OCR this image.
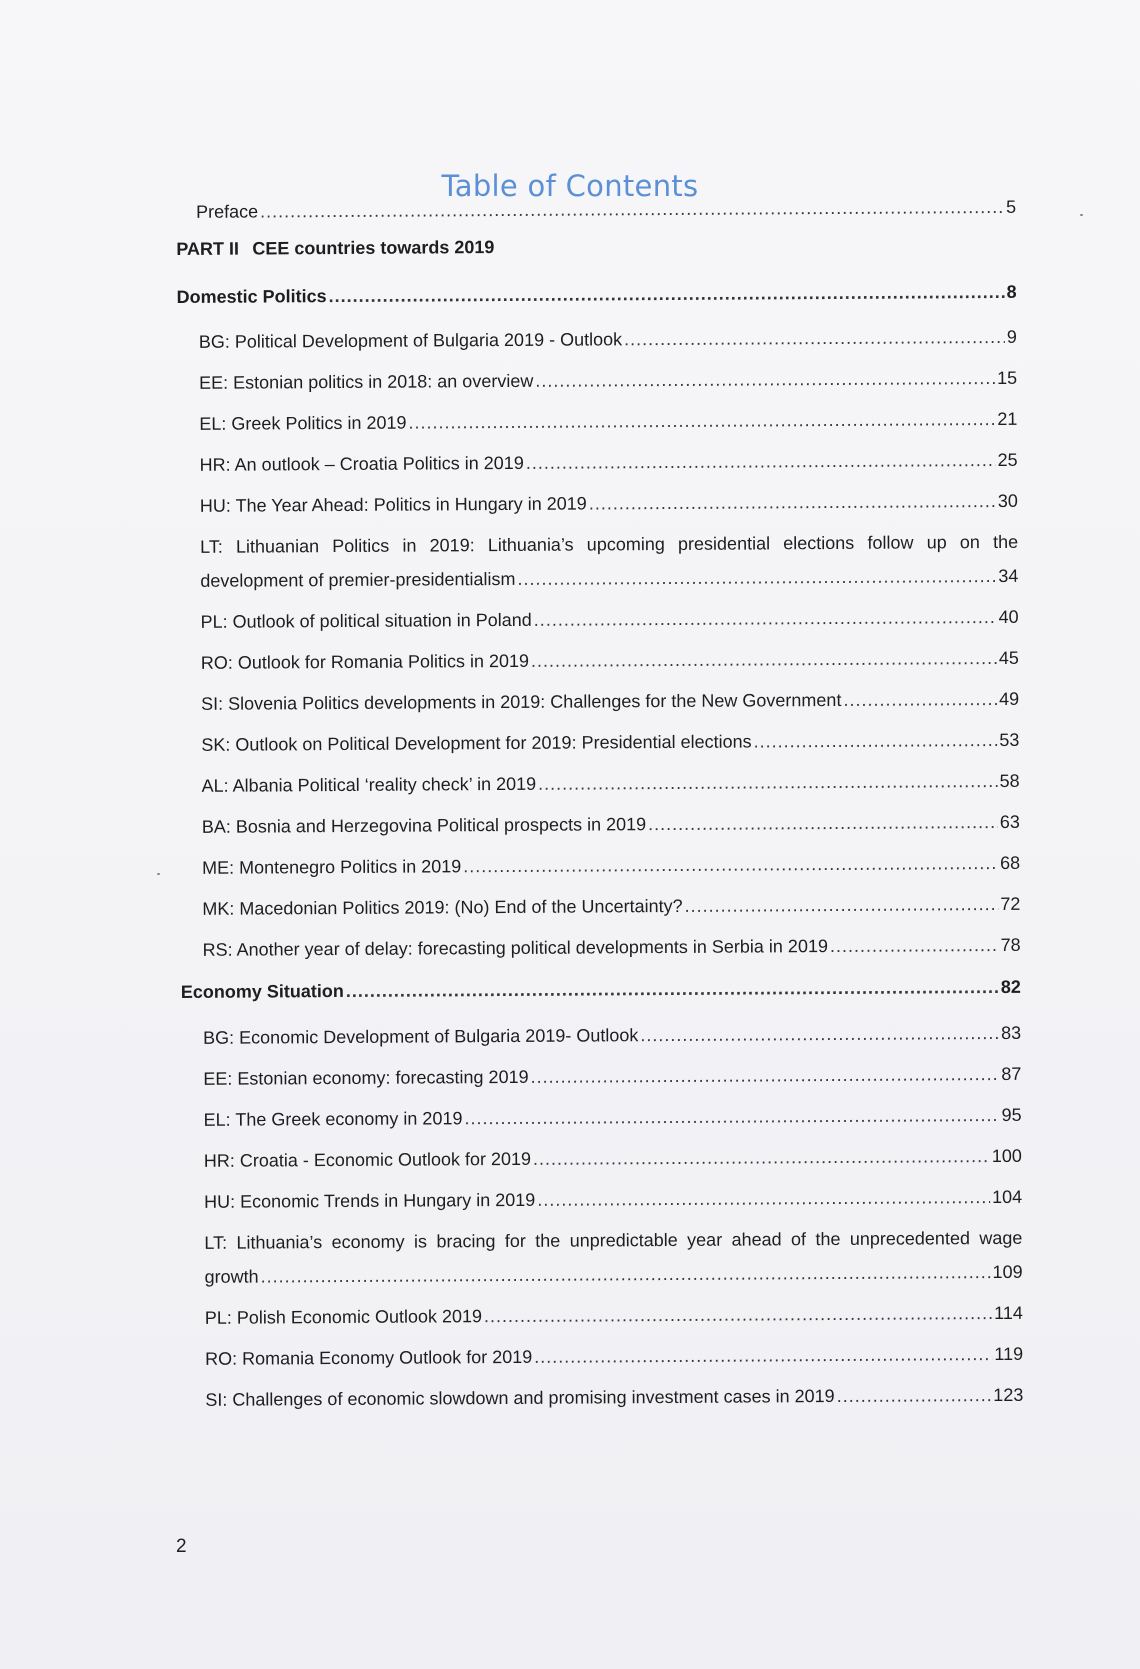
Table of Contents
Preface .....	5
PART II CEE countries towards 2019
Domestic Politics .....	8
BG: Political Development of Bulgaria 2019 - Outlook .....	9
EE: Estonian politics in 2018: an overview .....	15
EL: Greek Politics in 2019 .....	21
HR: An outlook – Croatia Politics in 2019 .....	25
HU: The Year Ahead: Politics in Hungary in 2019 .....	30
LT: Lithuanian Politics in 2019: Lithuania’s upcoming presidential elections follow up on the
development of premier-presidentialism .....	34
PL: Outlook of political situation in Poland .....	40
RO: Outlook for Romania Politics in 2019 .....	45
SI: Slovenia Politics developments in 2019: Challenges for the New Government .....	49
SK: Outlook on Political Development for 2019: Presidential elections .....	53
AL: Albania Political ‘reality check’ in 2019 .....	58
BA: Bosnia and Herzegovina Political prospects in 2019 .....	63
ME: Montenegro Politics in 2019 .....	68
MK: Macedonian Politics 2019: (No) End of the Uncertainty? .....	72
RS: Another year of delay: forecasting political developments in Serbia in 2019 .....	78
Economy Situation .....	82
BG: Economic Development of Bulgaria 2019- Outlook .....	83
EE: Estonian economy: forecasting 2019 .....	87
EL: The Greek economy in 2019 .....	95
HR: Croatia - Economic Outlook for 2019 .....	100
HU: Economic Trends in Hungary in 2019 .....	104
LT: Lithuania’s economy is bracing for the unpredictable year ahead of the unprecedented wage
growth .....	109
PL: Polish Economic Outlook 2019 .....	114
RO: Romania Economy Outlook for 2019 .....	119
SI: Challenges of economic slowdown and promising investment cases in 2019 .....	123
2
